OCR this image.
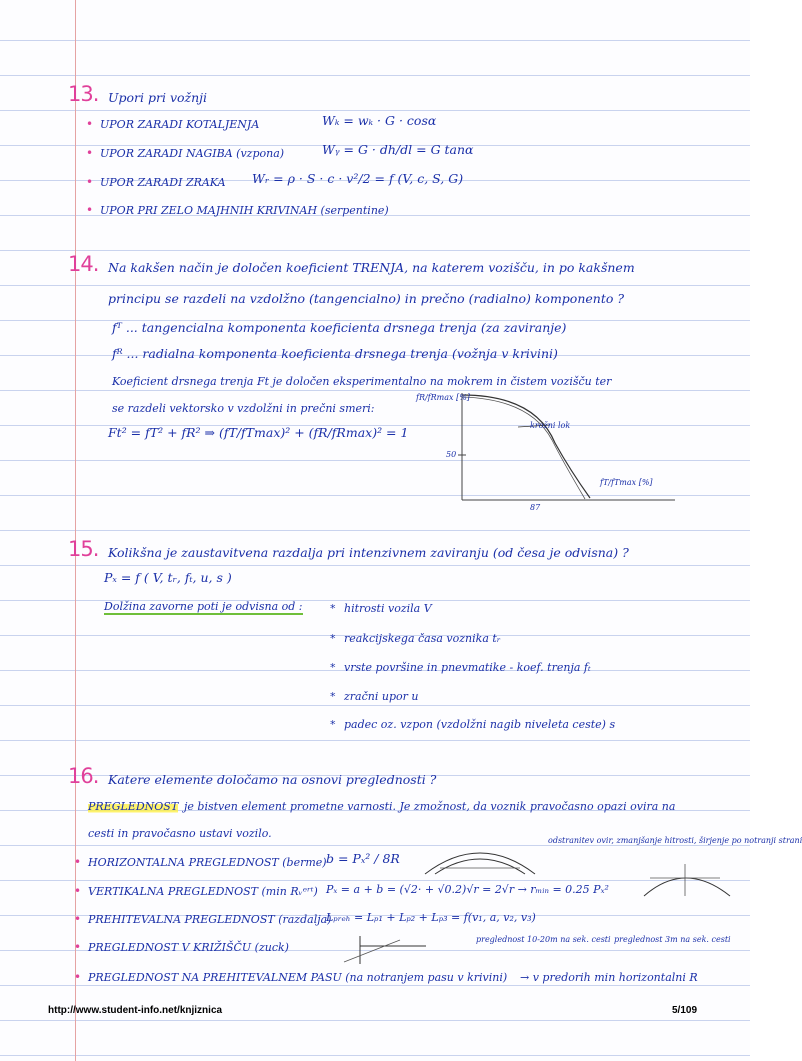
13. Upori pri vožnji
• UPOR ZARADI KOTALJENJA	Wₖ = wₖ · G · cosα
• UPOR ZARADI NAGIBA (vzpona)	Wᵧ = G · dh/dl = G tanα
• UPOR ZARADI ZRAKA Wᵣ = ρ · S · c · v²/2 = f (V, c, S, G)
• UPOR PRI ZELO MAJHNIH KRIVINAH (serpentine)
14. Na kakšen način je določen koeficient TRENJA, na katerem vozišču, in po kakšnem
principu se razdeli na vzdolžno (tangencialno) in prečno (radialno) komponento ?
fᵀ ... tangencialna komponenta koeficienta drsnega trenja (za zaviranje)
fᴿ ... radialna komponenta koeficienta drsnega trenja (vožnja v krivini)
Koeficient drsnega trenja Ft je določen eksperimentalno na mokrem in čistem vozišču ter
se razdeli vektorsko v vzdolžni in prečni smeri:
Ft² = fT² + fR² ⇒ (fT/fTmax)² + (fR/fRmax)² = 1
fR/fRmax [%]
50
fT/fTmax [%]
87
krožni lok
15. Kolikšna je zaustavitvena razdalja pri intenzivnem zaviranju (od česa je odvisna) ?
Pₓ = f ( V, tᵣ, fₜ, u, s )
Dolžina zavorne poti je odvisna od : * hitrosti vozila V
* reakcijskega časa voznika tᵣ
* vrste površine in pnevmatike - koef. trenja fₜ
* zračni upor u
* padec oz. vzpon (vzdolžni nagib niveleta ceste) s
16. Katere elemente določamo na osnovi preglednosti ?
PREGLEDNOST je bistven element prometne varnosti. Je zmožnost, da voznik pravočasno opazi ovira na
cesti in pravočasno ustavi vozilo.
odstranitev ovir, zmanjšanje hitrosti, širjenje po notranji strani
• HORIZONTALNA PREGLEDNOST (berme) b = Pₓ² / 8R
• VERTIKALNA PREGLEDNOST (min Rᵥᵉʳᵗ) Pₓ = a + b = (√2· + √0.2)√r = 2√r → rₘᵢₙ = 0.25 Pₓ²
• PREHITEVALNA PREGLEDNOST (razdalja)
Lₚᵣₑₕ = Lₚ₁ + Lₚ₂ + Lₚ₃ = f(v₁, a, v₂, v₃)
• PREGLEDNOST V KRIŽIŠČU (zuck)
preglednost 10-20m na sek. cesti preglednost 3m na sek. cesti
• PREGLEDNOST NA PREHITEVALNEM PASU (na notranjem pasu v krivini) → v predorih min horizontalni R
http://www.student-info.net/knjiznica	5/109
